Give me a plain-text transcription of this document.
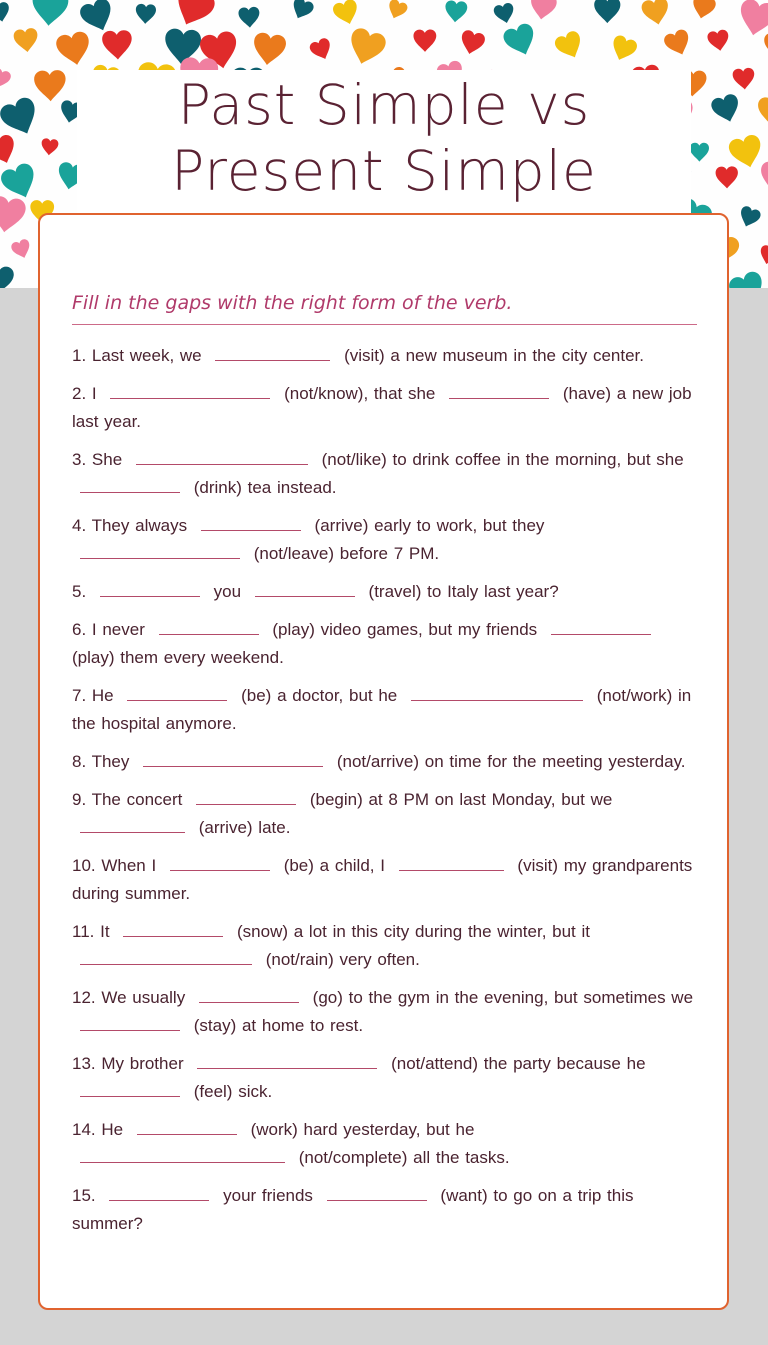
Past Simple vs
Present Simple
Fill in the gaps with the right form of the verb.
1. Last week, we	(visit) a new museum in the city center.
2. I	(not/know), that she	(have) a new job last year.
3. She	(not/like) to drink coffee in the morning, but she  (drink) tea instead.
4. They always	(arrive) early to work, but they  (not/leave) before 7 PM.
5.	you	(travel) to Italy last year?
6. I never	(play) video games, but my friends  (play) them every weekend.
7. He	(be) a doctor, but he	(not/work) in the hospital anymore.
8. They	(not/arrive) on time for the meeting yesterday.
9. The concert	(begin) at 8 PM on last Monday, but we  (arrive) late.
10. When I	(be) a child, I	(visit) my grandparents during summer.
11. It	(snow) a lot in this city during the winter, but it  (not/rain) very often.
12. We usually	(go) to the gym in the evening, but sometimes we  (stay) at home to rest.
13. My brother	(not/attend) the party because he  (feel) sick.
14. He	(work) hard yesterday, but he  (not/complete) all the tasks.
15.	your friends	(want) to go on a trip this summer?
